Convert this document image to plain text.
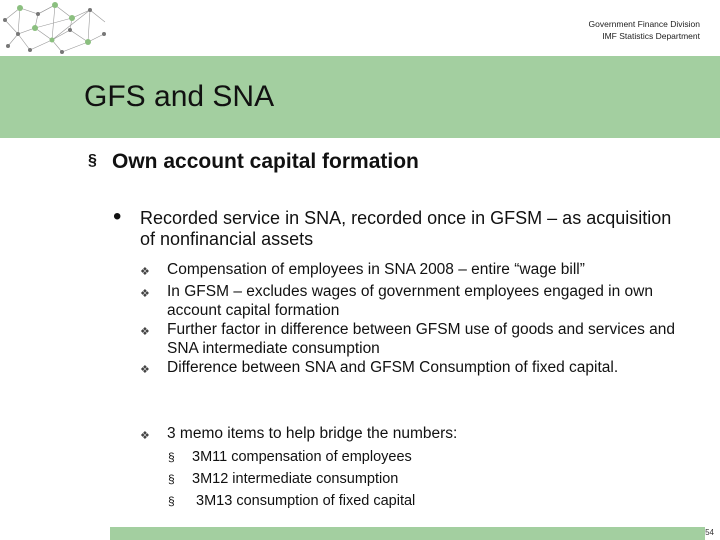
Government Finance Division
IMF Statistics Department
GFS and SNA
§ Own account capital formation
•	Recorded service in SNA, recorded once in GFSM – as acquisition of nonfinancial assets
❖	Compensation of employees in SNA 2008 – entire “wage bill”
❖	In GFSM – excludes wages of government employees engaged in own account capital formation
❖	Further factor in difference between GFSM use of goods and services and SNA intermediate consumption
❖	Difference between SNA and GFSM Consumption of fixed capital.
❖	3 memo items to help bridge the numbers:
§	3M11 compensation of employees
§	3M12 intermediate consumption
§	3M13 consumption of fixed capital
54
